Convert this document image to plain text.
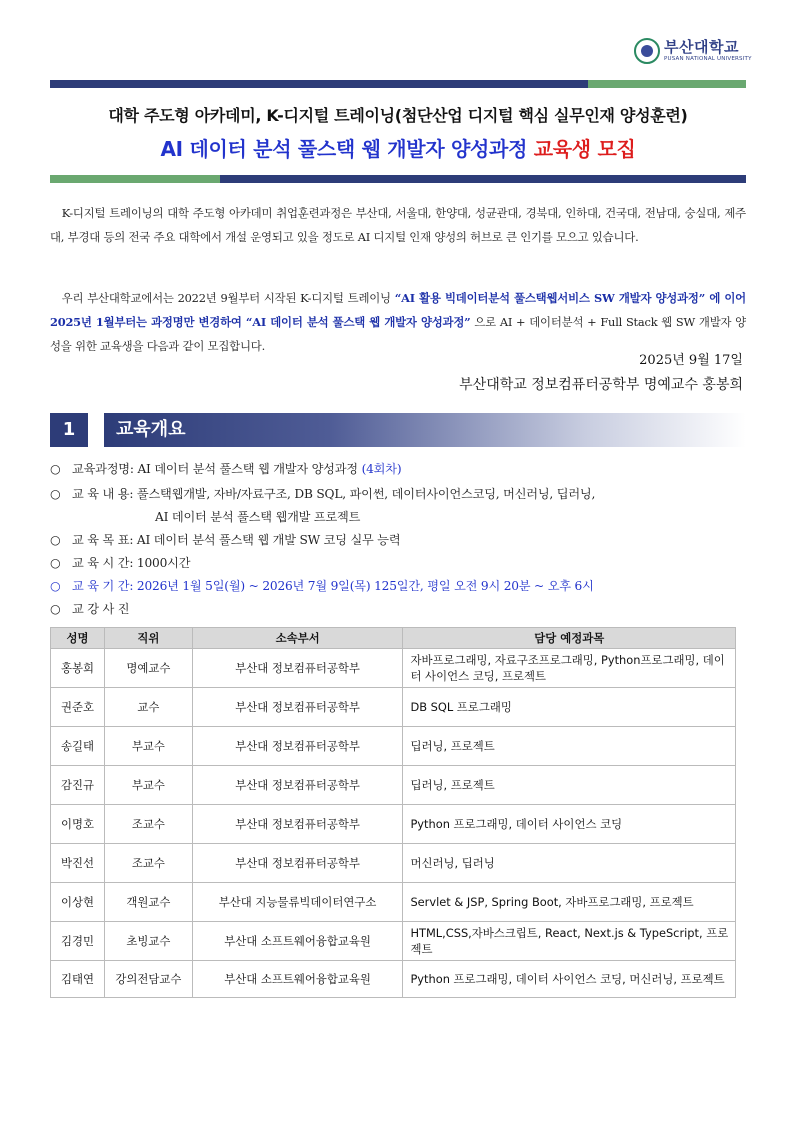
부산대학교
PUSAN NATIONAL UNIVERSITY
대학 주도형 아카데미, K-디지털 트레이닝(첨단산업 디지털 핵심 실무인재 양성훈련)
AI 데이터 분석 풀스택 웹 개발자 양성과정 교육생 모집
K-디지털 트레이닝의 대학 주도형 아카데미 취업훈련과정은 부산대, 서울대, 한양대, 성균관대, 경북대, 인하대, 건국대, 전남대, 숭실대, 제주대, 부경대 등의 전국 주요 대학에서 개설 운영되고 있을 정도로 AI 디지털 인재 양성의 허브로 큰 인기를 모으고 있습니다.
우리 부산대학교에서는 2022년 9월부터 시작된 K-디지털 트레이닝 “AI 활용 빅데이터분석 풀스택웹서비스 SW 개발자 양성과정” 에 이어 2025년 1월부터는 과정명만 변경하여 “AI 데이터 분석 풀스택 웹 개발자 양성과정” 으로 AI + 데이터분석 + Full Stack 웹 SW 개발자 양성을 위한 교육생을 다음과 같이 모집합니다.
2025년 9월 17일
부산대학교 정보컴퓨터공학부 명예교수 홍봉희
1	교육개요
○ 교육과정명: AI 데이터 분석 풀스택 웹 개발자 양성과정 (4회차)
○ 교 육 내 용: 풀스택웹개발, 자바/자료구조, DB SQL, 파이썬, 데이터사이언스코딩, 머신러닝, 딥러닝,
AI 데이터 분석 풀스택 웹개발 프로젝트
○ 교 육 목 표: AI 데이터 분석 풀스택 웹 개발 SW 코딩 실무 능력
○ 교 육 시 간: 1000시간
○ 교 육 기 간: 2026년 1월 5일(월) ~ 2026년 7월 9일(목) 125일간, 평일 오전 9시 20분 ~ 오후 6시
○ 교 강 사 진
성명	직위	소속부서	담당 예정과목
홍봉희	명예교수	부산대 정보컴퓨터공학부	자바프로그래밍, 자료구조프로그래밍, Python프로그래밍, 데이터 사이언스 코딩, 프로젝트
권준호	교수	부산대 정보컴퓨터공학부	DB SQL 프로그래밍
송길태	부교수	부산대 정보컴퓨터공학부	딥러닝, 프로젝트
감진규	부교수	부산대 정보컴퓨터공학부	딥러닝, 프로젝트
이명호	조교수	부산대 정보컴퓨터공학부	Python 프로그래밍, 데이터 사이언스 코딩
박진선	조교수	부산대 정보컴퓨터공학부	머신러닝, 딥러닝
이상현	객원교수	부산대 지능물류빅데이터연구소	Servlet & JSP, Spring Boot, 자바프로그래밍, 프로젝트
김경민	초빙교수	부산대 소프트웨어융합교육원	HTML,CSS,자바스크립트, React, Next.js & TypeScript, 프로젝트
김태연	강의전담교수	부산대 소프트웨어융합교육원	Python 프로그래밍, 데이터 사이언스 코딩, 머신러닝, 프로젝트
